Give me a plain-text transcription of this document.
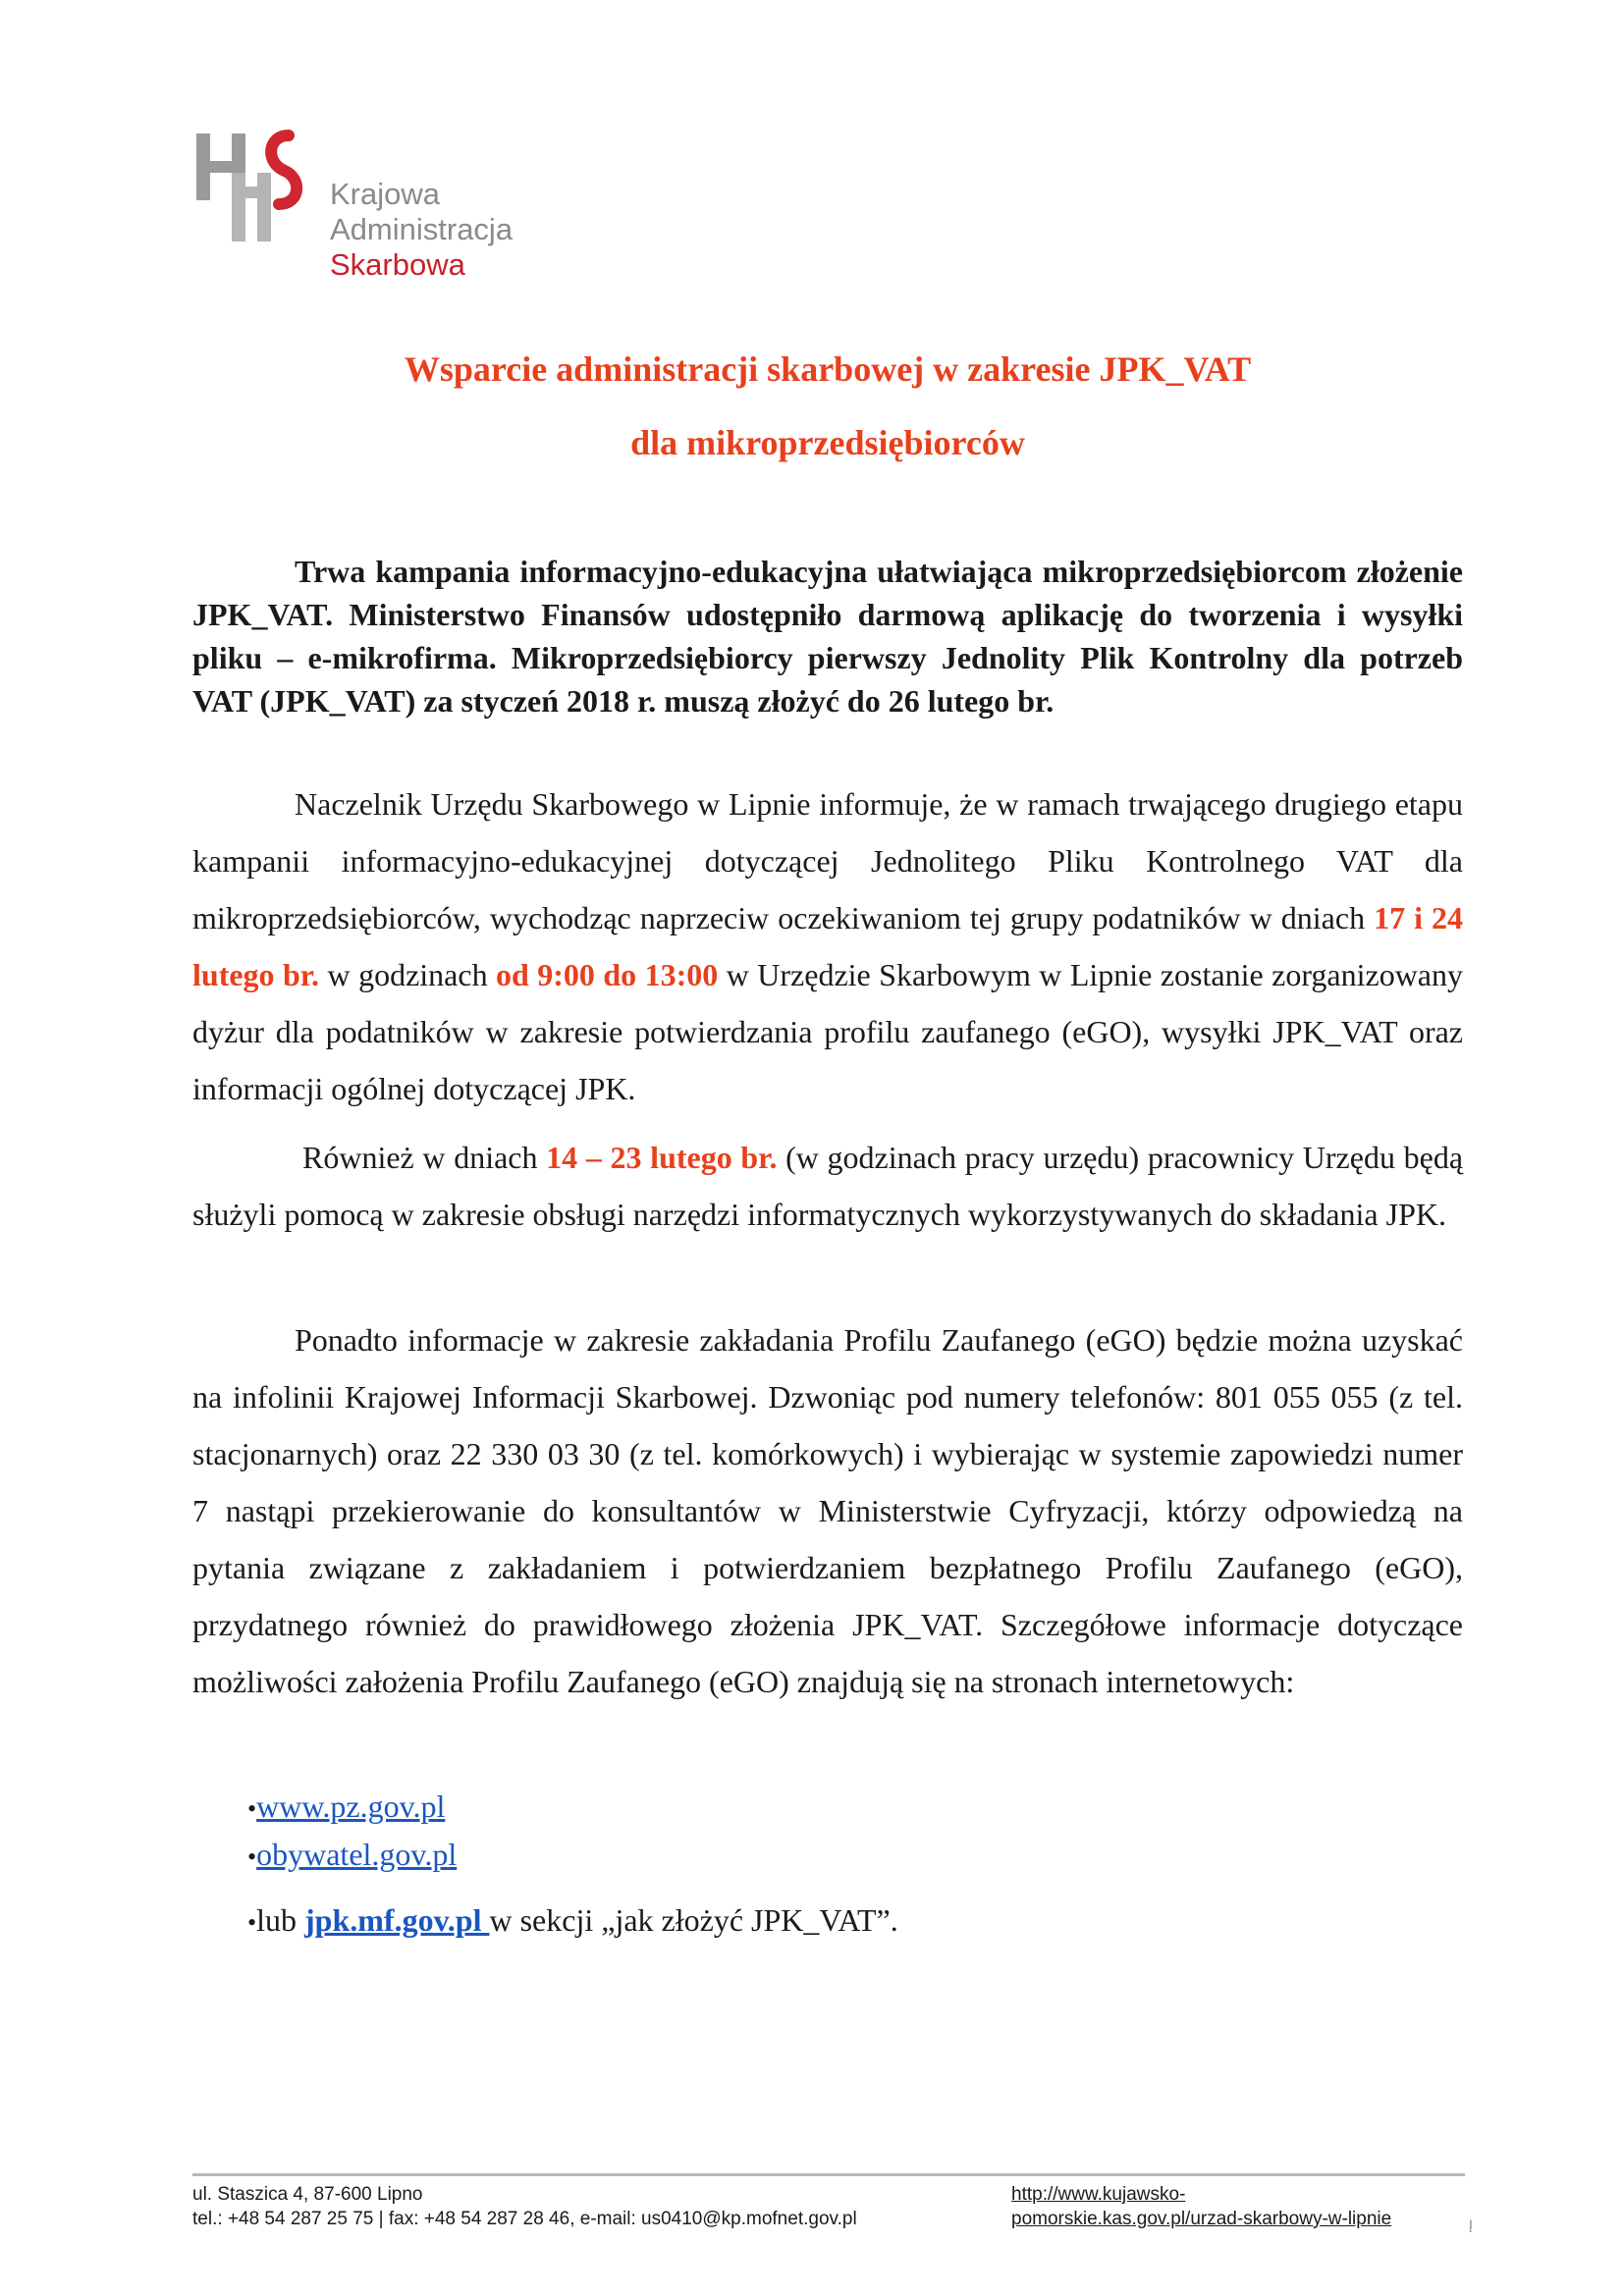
Krajowa Administracja
Skarbowa
Wsparcie administracji skarbowej w zakresie JPK_VAT
dla mikroprzedsiębiorców

Trwa kampania informacyjno-edukacyjna ułatwiająca mikroprzedsiębiorcom złożenie JPK_VAT. Ministerstwo Finansów udostępniło darmową aplikację do tworzenia i wysyłki pliku – e-mikrofirma. Mikroprzedsiębiorcy pierwszy Jednolity Plik Kontrolny dla potrzeb VAT (JPK_VAT) za styczeń 2018 r. muszą złożyć do 26 lutego br.

Naczelnik Urzędu Skarbowego w Lipnie informuje, że w ramach trwającego drugiego etapu kampanii informacyjno-edukacyjnej dotyczącej Jednolitego Pliku Kontrolnego VAT dla mikroprzedsiębiorców, wychodząc naprzeciw oczekiwaniom tej grupy podatników w dniach 17 i 24 lutego br. w godzinach od 9:00 do 13:00 w Urzędzie Skarbowym w Lipnie zostanie zorganizowany dyżur dla podatników w zakresie potwierdzania profilu zaufanego (eGO), wysyłki JPK_VAT oraz informacji ogólnej dotyczącej JPK.

Również w dniach 14 – 23 lutego br. (w godzinach pracy urzędu) pracownicy Urzędu będą służyli pomocą w zakresie obsługi narzędzi informatycznych wykorzystywanych do składania JPK.

Ponadto informacje w zakresie zakładania Profilu Zaufanego (eGO) będzie można uzyskać na infolinii Krajowej Informacji Skarbowej. Dzwoniąc pod numery telefonów: 801 055 055 (z tel. stacjonarnych) oraz 22 330 03 30 (z tel. komórkowych) i wybierając w systemie zapowiedzi numer 7 nastąpi przekierowanie do konsultantów w Ministerstwie Cyfryzacji, którzy odpowiedzą na pytania związane z zakładaniem i potwierdzaniem bezpłatnego Profilu Zaufanego (eGO), przydatnego również do prawidłowego złożenia JPK_VAT. Szczegółowe informacje dotyczące możliwości założenia Profilu Zaufanego (eGO) znajdują się na stronach internetowych:

•www.pz.gov.pl
•obywatel.gov.pl
•lub jpk.mf.gov.pl w sekcji „jak złożyć JPK_VAT”.
ul. Staszica 4, 87-600 Lipno
tel.: +48 54 287 25 75 | fax: +48 54 287 28 46, e-mail: us0410@kp.mofnet.gov.pl
http://www.kujawsko-
pomorskie.kas.gov.pl/urzad-skarbowy-w-lipnie	Į
